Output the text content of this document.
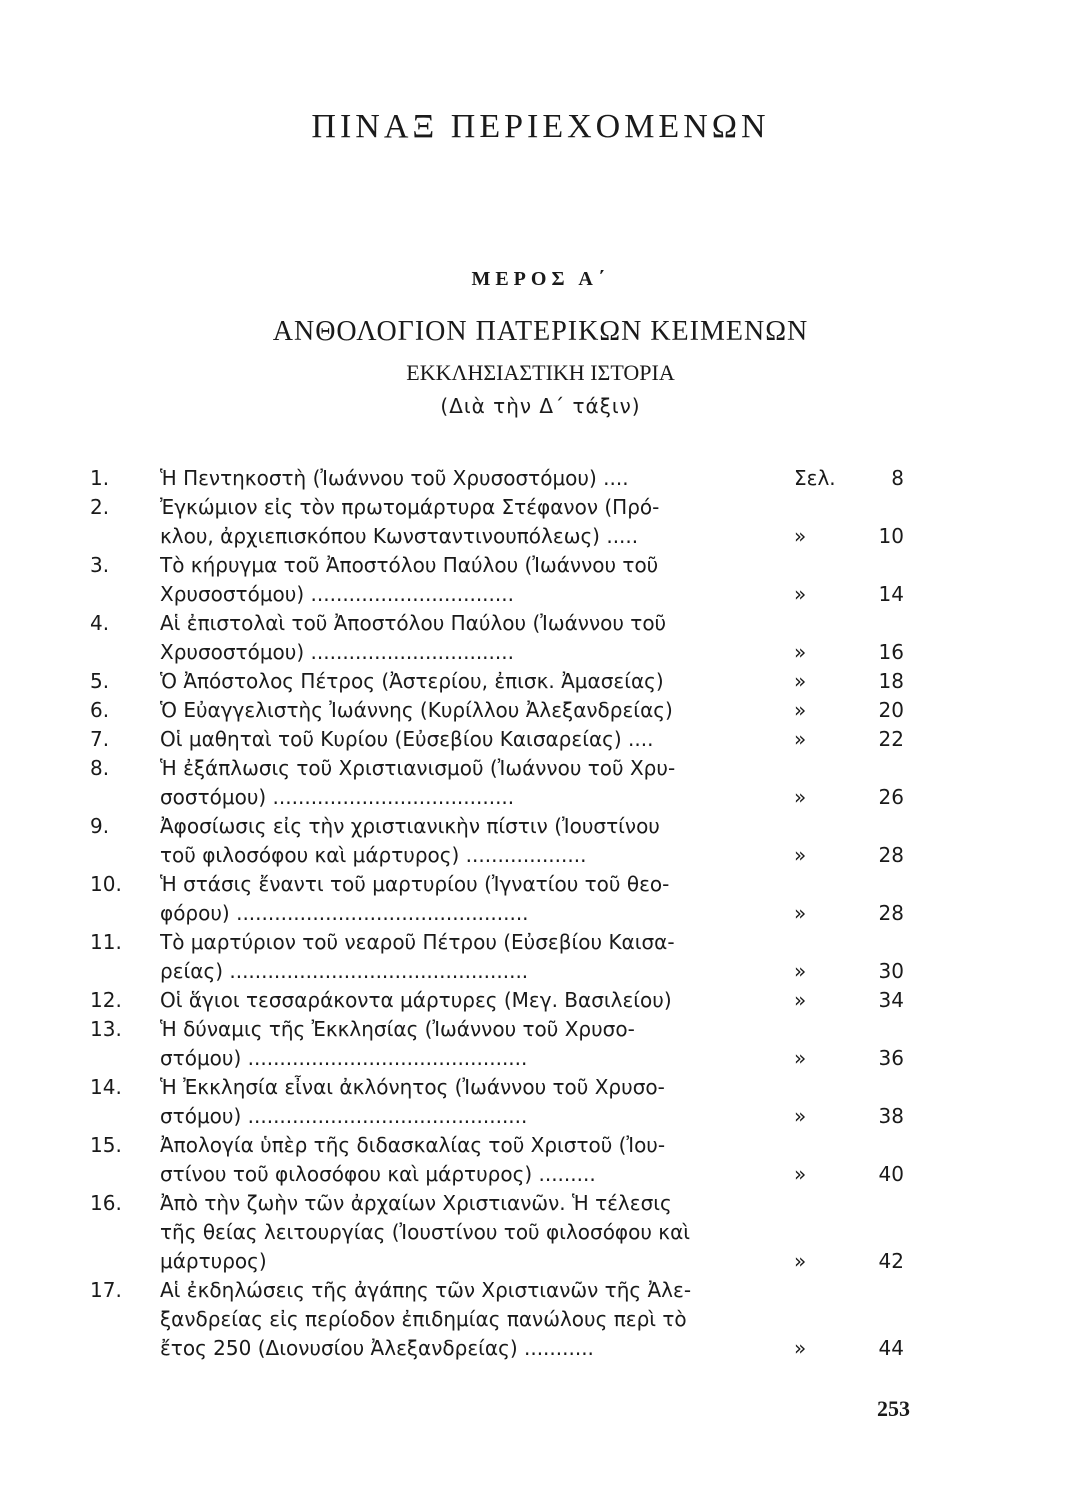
ΠΙΝΑΞ ΠΕΡΙΕΧΟΜΕΝΩΝ
ΜΕΡΟΣ Α΄
ΑΝΘΟΛΟΓΙΟΝ ΠΑΤΕΡΙΚΩΝ ΚΕΙΜΕΝΩΝ
ΕΚΚΛΗΣΙΑΣΤΙΚΗ ΙΣΤΟΡΙΑ
(Διὰ τὴν Δ΄ τάξιν)
1.	Ἡ Πεντηκοστὴ (Ἰωάννου τοῦ Χρυσοστόμου) ....	Σελ.	8
2.	Ἐγκώμιον εἰς τὸν πρωτομάρτυρα Στέφανον (Πρό-
κλου, ἀρχιεπισκόπου Κωνσταντινουπόλεως) .....	»	10
3.	Τὸ κήρυγμα τοῦ Ἀποστόλου Παύλου (Ἰωάννου τοῦ
Χρυσοστόμου) ................................	»	14
4.	Αἱ ἐπιστολαὶ τοῦ Ἀποστόλου Παύλου (Ἰωάννου τοῦ
Χρυσοστόμου) ................................	»	16
5.	Ὁ Ἀπόστολος Πέτρος (Ἀστερίου, ἐπισκ. Ἀμασείας)	»	18
6.	Ὁ Εὐαγγελιστὴς Ἰωάννης (Κυρίλλου Ἀλεξανδρείας)	»	20
7.	Οἱ μαθηταὶ τοῦ Κυρίου (Εὐσεβίου Καισαρείας) ....	»	22
8.	Ἡ ἐξάπλωσις τοῦ Χριστιανισμοῦ (Ἰωάννου τοῦ Χρυ-
σοστόμου) ......................................	»	26
9.	Ἀφοσίωσις εἰς τὴν χριστιανικὴν πίστιν (Ἰουστίνου
τοῦ φιλοσόφου καὶ μάρτυρος) ...................	»	28
10.	Ἡ στάσις ἔναντι τοῦ μαρτυρίου (Ἰγνατίου τοῦ θεο-
φόρου) ..............................................	»	28
11.	Τὸ μαρτύριον τοῦ νεαροῦ Πέτρου (Εὐσεβίου Καισα-
ρείας) ...............................................	»	30
12.	Οἱ ἅγιοι τεσσαράκοντα μάρτυρες (Μεγ. Βασιλείου)	»	34
13.	Ἡ δύναμις τῆς Ἐκκλησίας (Ἰωάννου τοῦ Χρυσο-
στόμου) ............................................	»	36
14.	Ἡ Ἐκκλησία εἶναι ἀκλόνητος (Ἰωάννου τοῦ Χρυσο-
στόμου) ............................................	»	38
15.	Ἀπολογία ὑπὲρ τῆς διδασκαλίας τοῦ Χριστοῦ (Ἰου-
στίνου τοῦ φιλοσόφου καὶ μάρτυρος) .........	»	40
16.	Ἀπὸ τὴν ζωὴν τῶν ἀρχαίων Χριστιανῶν. Ἡ τέλεσις
τῆς θείας λειτουργίας (Ἰουστίνου τοῦ φιλοσόφου καὶ
μάρτυρος)	»	42
17.	Αἱ ἐκδηλώσεις τῆς ἀγάπης τῶν Χριστιανῶν τῆς Ἀλε-
ξανδρείας εἰς περίοδον ἐπιδημίας πανώλους περὶ τὸ
ἔτος 250 (Διονυσίου Ἀλεξανδρείας) ...........	»	44
253
